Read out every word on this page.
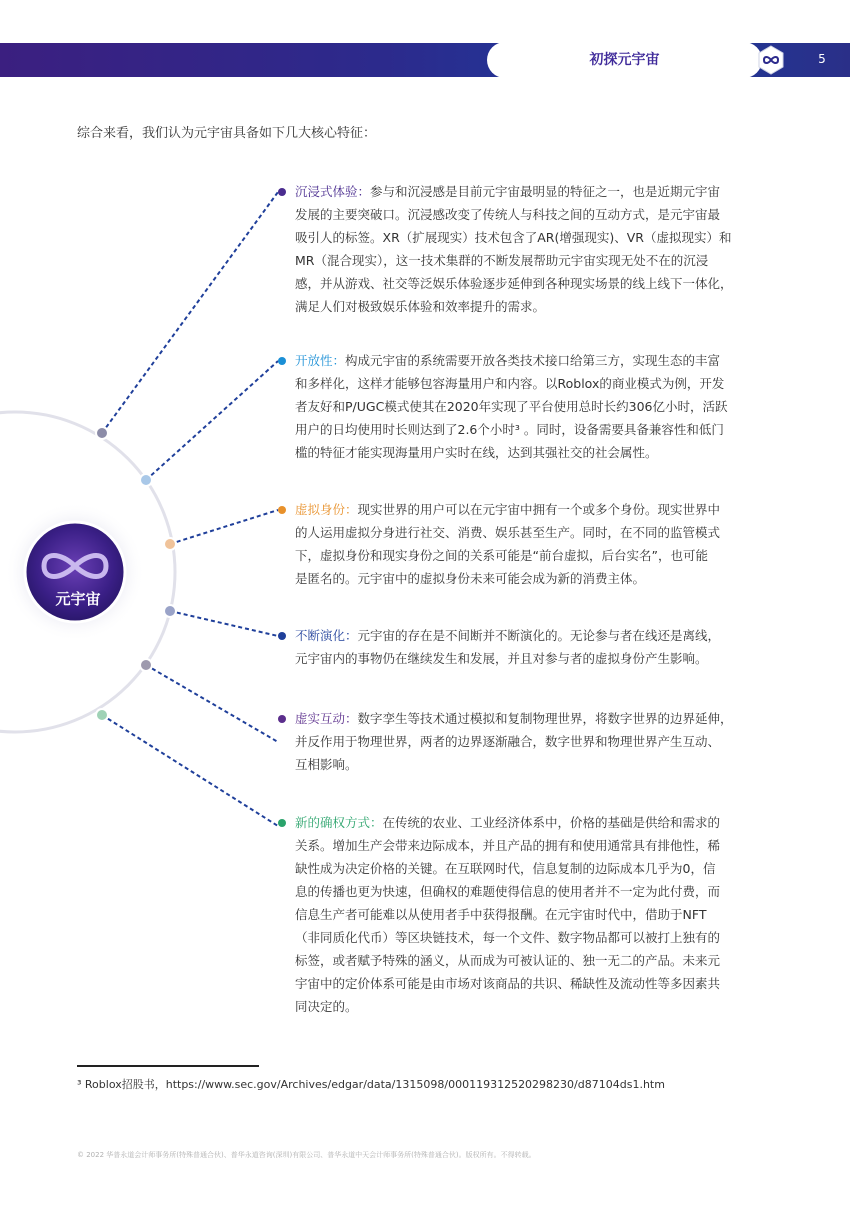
初探元宇宙	5
综合来看，我们认为元宇宙具备如下几大核心特征：
元宇宙
沉浸式体验：参与和沉浸感是目前元宇宙最明显的特征之一，也是近期元宇宙
发展的主要突破口。沉浸感改变了传统人与科技之间的互动方式，是元宇宙最
吸引人的标签。XR（扩展现实）技术包含了AR(增强现实)、VR（虚拟现实）和
MR（混合现实），这一技术集群的不断发展帮助元宇宙实现无处不在的沉浸
感，并从游戏、社交等泛娱乐体验逐步延伸到各种现实场景的线上线下一体化，
满足人们对极致娱乐体验和效率提升的需求。
开放性：构成元宇宙的系统需要开放各类技术接口给第三方，实现生态的丰富
和多样化，这样才能够包容海量用户和内容。以Roblox的商业模式为例，开发
者友好和P/UGC模式使其在2020年实现了平台使用总时长约306亿小时，活跃
用户的日均使用时长则达到了2.6个小时³ 。同时，设备需要具备兼容性和低门
槛的特征才能实现海量用户实时在线，达到其强社交的社会属性。
虚拟身份：现实世界的用户可以在元宇宙中拥有一个或多个身份。现实世界中
的人运用虚拟分身进行社交、消费、娱乐甚至生产。同时，在不同的监管模式
下，虚拟身份和现实身份之间的关系可能是“前台虚拟，后台实名”，也可能
是匿名的。元宇宙中的虚拟身份未来可能会成为新的消费主体。
不断演化：元宇宙的存在是不间断并不断演化的。无论参与者在线还是离线，
元宇宙内的事物仍在继续发生和发展，并且对参与者的虚拟身份产生影响。
虚实互动：数字孪生等技术通过模拟和复制物理世界，将数字世界的边界延伸，
并反作用于物理世界，两者的边界逐渐融合，数字世界和物理世界产生互动、
互相影响。
新的确权方式：在传统的农业、工业经济体系中，价格的基础是供给和需求的
关系。增加生产会带来边际成本，并且产品的拥有和使用通常具有排他性，稀
缺性成为决定价格的关键。在互联网时代，信息复制的边际成本几乎为0，信
息的传播也更为快速，但确权的难题使得信息的使用者并不一定为此付费，而
信息生产者可能难以从使用者手中获得报酬。在元宇宙时代中，借助于NFT
（非同质化代币）等区块链技术，每一个文件、数字物品都可以被打上独有的
标签，或者赋予特殊的涵义，从而成为可被认证的、独一无二的产品。未来元
宇宙中的定价体系可能是由市场对该商品的共识、稀缺性及流动性等多因素共
同决定的。
³ Roblox招股书，https://www.sec.gov/Archives/edgar/data/1315098/000119312520298230/d87104ds1.htm
© 2022 华普永道会计师事务所(特殊普通合伙)、普华永道咨询(深圳)有限公司、普华永道中天会计师事务所(特殊普通合伙)。版权所有。不得转载。
